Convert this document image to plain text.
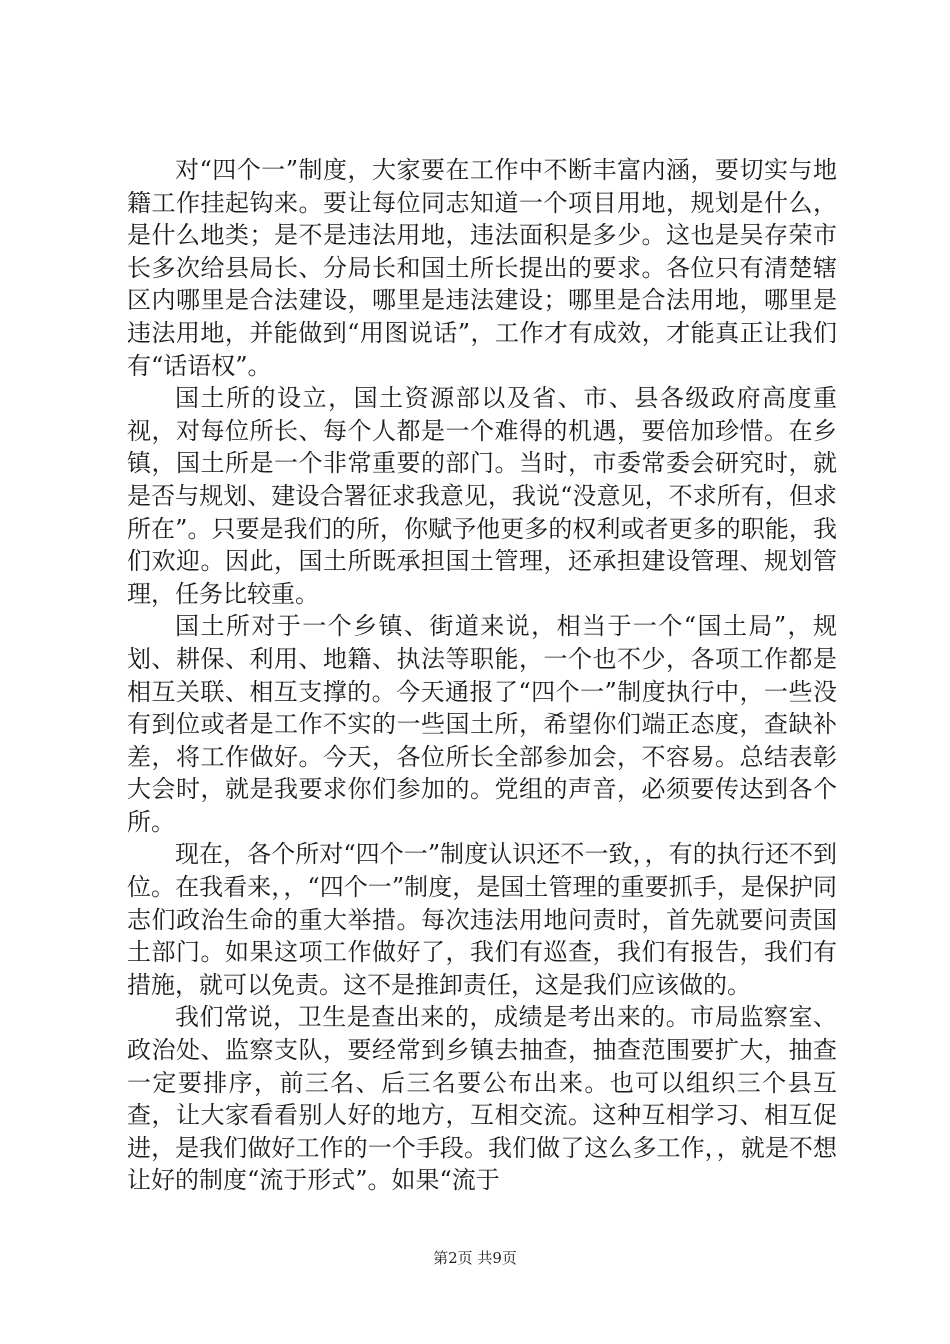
对“四个一”制度，大家要在工作中不断丰富内涵，要切实与地籍工作挂起钩来。要让每位同志知道一个项目用地，规划是什么，是什么地类；是不是违法用地，违法面积是多少。这也是吴存荣市长多次给县局长、分局长和国土所长提出的要求。各位只有清楚辖区内哪里是合法建设，哪里是违法建设；哪里是合法用地，哪里是违法用地，并能做到“用图说话”，工作才有成效，才能真正让我们有“话语权”。

国土所的设立，国土资源部以及省、市、县各级政府高度重视，对每位所长、每个人都是一个难得的机遇，要倍加珍惜。在乡镇，国土所是一个非常重要的部门。当时，市委常委会研究时，就是否与规划、建设合署征求我意见，我说“没意见，不求所有，但求所在”。只要是我们的所，你赋予他更多的权利或者更多的职能，我们欢迎。因此，国土所既承担国土管理，还承担建设管理、规划管理，任务比较重。

国土所对于一个乡镇、街道来说，相当于一个“国土局”，规划、耕保、利用、地籍、执法等职能，一个也不少，各项工作都是相互关联、相互支撑的。今天通报了“四个一”制度执行中，一些没有到位或者是工作不实的一些国土所，希望你们端正态度，查缺补差，将工作做好。今天，各位所长全部参加会，不容易。总结表彰大会时，就是我要求你们参加的。党组的声音，必须要传达到各个所。

现在，各个所对“四个一”制度认识还不一致，，有的执行还不到位。在我看来，，“四个一”制度，是国土管理的重要抓手，是保护同志们政治生命的重大举措。每次违法用地问责时，首先就要问责国土部门。如果这项工作做好了，我们有巡查，我们有报告，我们有措施，就可以免责。这不是推卸责任，这是我们应该做的。

我们常说，卫生是查出来的，成绩是考出来的。市局监察室、政治处、监察支队，要经常到乡镇去抽查，抽查范围要扩大，抽查一定要排序，前三名、后三名要公布出来。也可以组织三个县互查，让大家看看别人好的地方，互相交流。这种互相学习、相互促进，是我们做好工作的一个手段。我们做了这么多工作，，就是不想让好的制度“流于形式”。如果“流于

第2页 共9页
